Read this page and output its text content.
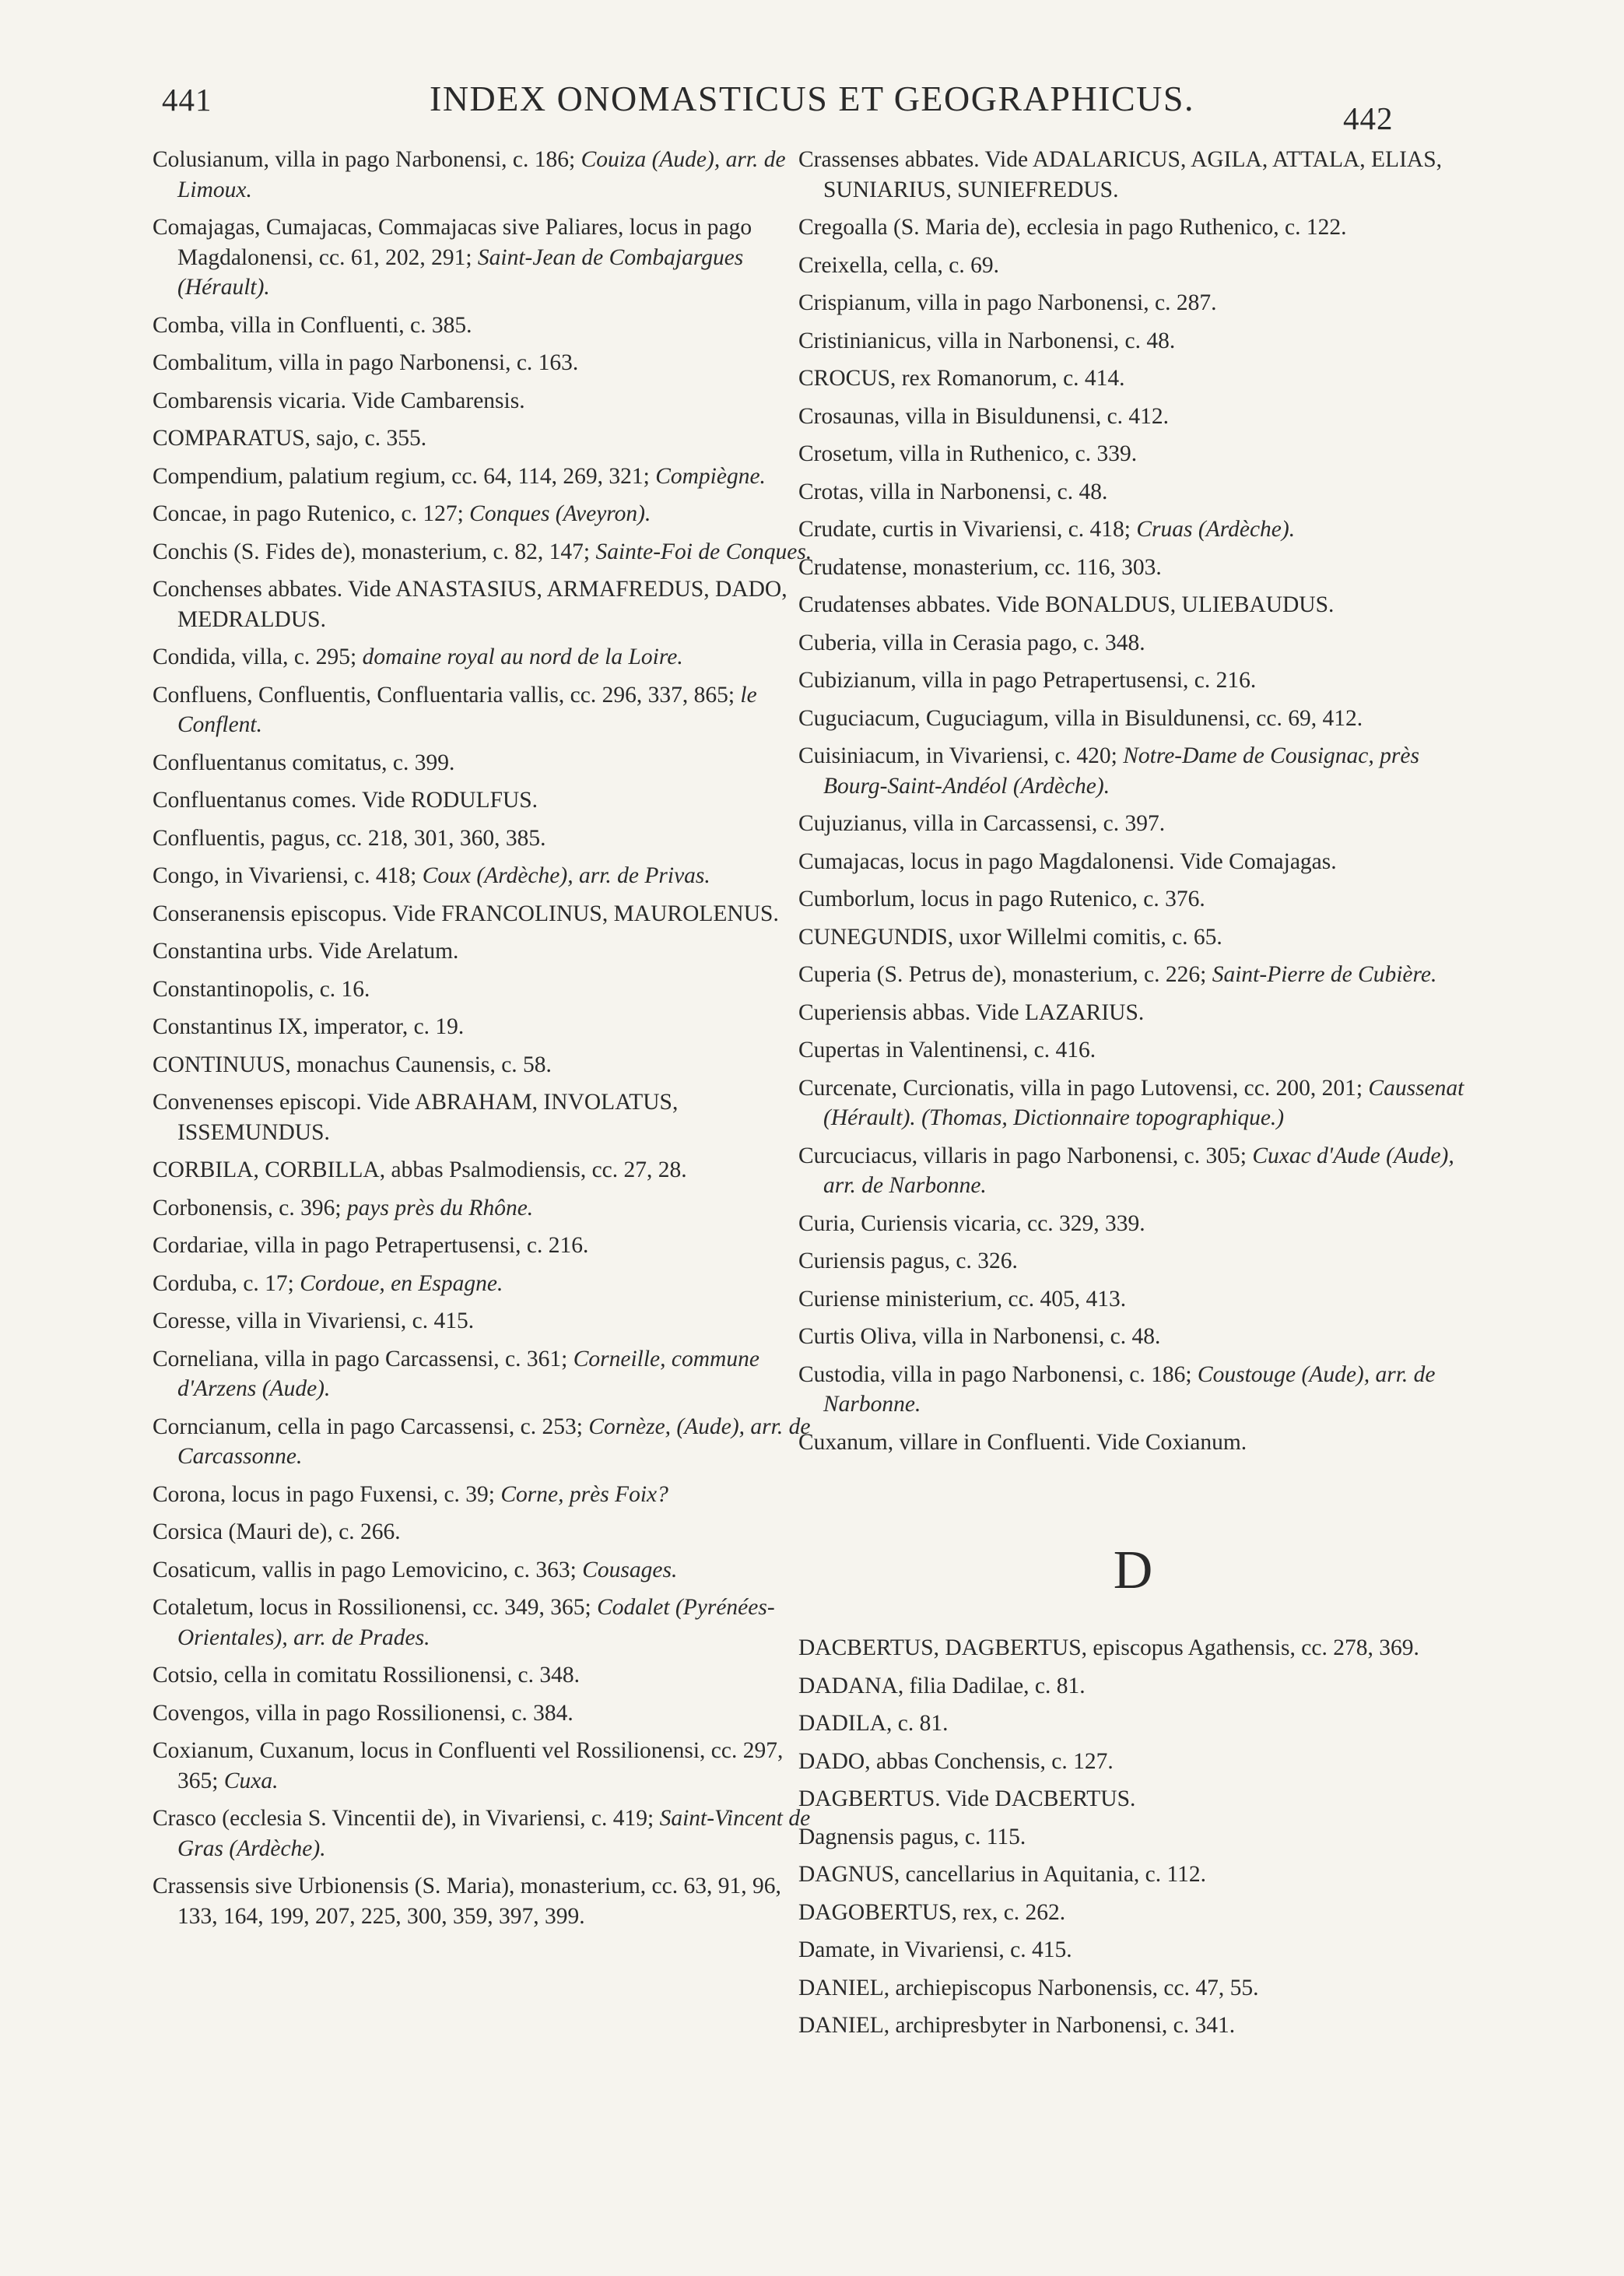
441	INDEX ONOMASTICUS ET GEOGRAPHICUS.	442
Colusianum, villa in pago Narbonensi, c. 186; Couiza (Aude), arr. de Limoux.
Comajagas, Cumajacas, Commajacas sive Paliares, locus in pago Magdalonensi, cc. 61, 202, 291; Saint-Jean de Combajargues (Hérault).
Comba, villa in Confluenti, c. 385.
Combalitum, villa in pago Narbonensi, c. 163.
Combarensis vicaria. Vide Cambarensis.
COMPARATUS, sajo, c. 355.
Compendium, palatium regium, cc. 64, 114, 269, 321; Compiègne.
Concae, in pago Rutenico, c. 127; Conques (Aveyron).
Conchis (S. Fides de), monasterium, c. 82, 147; Sainte-Foi de Conques.
Conchenses abbates. Vide ANASTASIUS, ARMAFREDUS, DADO, MEDRALDUS.
Condida, villa, c. 295; domaine royal au nord de la Loire.
Confluens, Confluentis, Confluentaria vallis, cc. 296, 337, 865; le Conflent.
Confluentanus comitatus, c. 399.
Confluentanus comes. Vide RODULFUS.
Confluentis, pagus, cc. 218, 301, 360, 385.
Congo, in Vivariensi, c. 418; Coux (Ardèche), arr. de Privas.
Conseranensis episcopus. Vide FRANCOLINUS, MAUROLENUS.
Constantina urbs. Vide Arelatum.
Constantinopolis, c. 16.
Constantinus IX, imperator, c. 19.
CONTINUUS, monachus Caunensis, c. 58.
Convenenses episcopi. Vide ABRAHAM, INVOLATUS, ISSEMUNDUS.
CORBILA, CORBILLA, abbas Psalmodiensis, cc. 27, 28.
Corbonensis, c. 396; pays près du Rhône.
Cordariae, villa in pago Petrapertusensi, c. 216.
Corduba, c. 17; Cordoue, en Espagne.
Coresse, villa in Vivariensi, c. 415.
Corneliana, villa in pago Carcassensi, c. 361; Corneille, commune d'Arzens (Aude).
Corncianum, cella in pago Carcassensi, c. 253; Cornèze, (Aude), arr. de Carcassonne.
Corona, locus in pago Fuxensi, c. 39; Corne, près Foix?
Corsica (Mauri de), c. 266.
Cosaticum, vallis in pago Lemovicino, c. 363; Cousages.
Cotaletum, locus in Rossilionensi, cc. 349, 365; Codalet (Pyrénées-Orientales), arr. de Prades.
Cotsio, cella in comitatu Rossilionensi, c. 348.
Covengos, villa in pago Rossilionensi, c. 384.
Coxianum, Cuxanum, locus in Confluenti vel Rossilionensi, cc. 297, 365; Cuxa.
Crasco (ecclesia S. Vincentii de), in Vivariensi, c. 419; Saint-Vincent de Gras (Ardèche).
Crassensis sive Urbionensis (S. Maria), monasterium, cc. 63, 91, 96, 133, 164, 199, 207, 225, 300, 359, 397, 399.
Crassenses abbates. Vide ADALARICUS, AGILA, ATTALA, ELIAS, SUNIARIUS, SUNIEFREDUS.
Cregoalla (S. Maria de), ecclesia in pago Ruthenico, c. 122.
Creixella, cella, c. 69.
Crispianum, villa in pago Narbonensi, c. 287.
Cristinianicus, villa in Narbonensi, c. 48.
CROCUS, rex Romanorum, c. 414.
Crosaunas, villa in Bisuldunensi, c. 412.
Crosetum, villa in Ruthenico, c. 339.
Crotas, villa in Narbonensi, c. 48.
Crudate, curtis in Vivariensi, c. 418; Cruas (Ardèche).
Crudatense, monasterium, cc. 116, 303.
Crudatenses abbates. Vide BONALDUS, ULIEBAUDUS.
Cuberia, villa in Cerasia pago, c. 348.
Cubizianum, villa in pago Petrapertusensi, c. 216.
Cuguciacum, Cuguciagum, villa in Bisuldunensi, cc. 69, 412.
Cuisiniacum, in Vivariensi, c. 420; Notre-Dame de Cousignac, près Bourg-Saint-Andéol (Ardèche).
Cujuzianus, villa in Carcassensi, c. 397.
Cumajacas, locus in pago Magdalonensi. Vide Comajagas.
Cumborlum, locus in pago Rutenico, c. 376.
CUNEGUNDIS, uxor Willelmi comitis, c. 65.
Cuperia (S. Petrus de), monasterium, c. 226; Saint-Pierre de Cubière.
Cuperiensis abbas. Vide LAZARIUS.
Cupertas in Valentinensi, c. 416.
Curcenate, Curcionatis, villa in pago Lutovensi, cc. 200, 201; Caussenat (Hérault). (Thomas, Dictionnaire topographique.)
Curcuciacus, villaris in pago Narbonensi, c. 305; Cuxac d'Aude (Aude), arr. de Narbonne.
Curia, Curiensis vicaria, cc. 329, 339.
Curiensis pagus, c. 326.
Curiense ministerium, cc. 405, 413.
Curtis Oliva, villa in Narbonensi, c. 48.
Custodia, villa in pago Narbonensi, c. 186; Coustouge (Aude), arr. de Narbonne.
Cuxanum, villare in Confluenti. Vide Coxianum.
D
DACBERTUS, DAGBERTUS, episcopus Agathensis, cc. 278, 369.
DADANA, filia Dadilae, c. 81.
DADILA, c. 81.
DADO, abbas Conchensis, c. 127.
DAGBERTUS. Vide DACBERTUS.
Dagnensis pagus, c. 115.
DAGNUS, cancellarius in Aquitania, c. 112.
DAGOBERTUS, rex, c. 262.
Damate, in Vivariensi, c. 415.
DANIEL, archiepiscopus Narbonensis, cc. 47, 55.
DANIEL, archipresbyter in Narbonensi, c. 341.
